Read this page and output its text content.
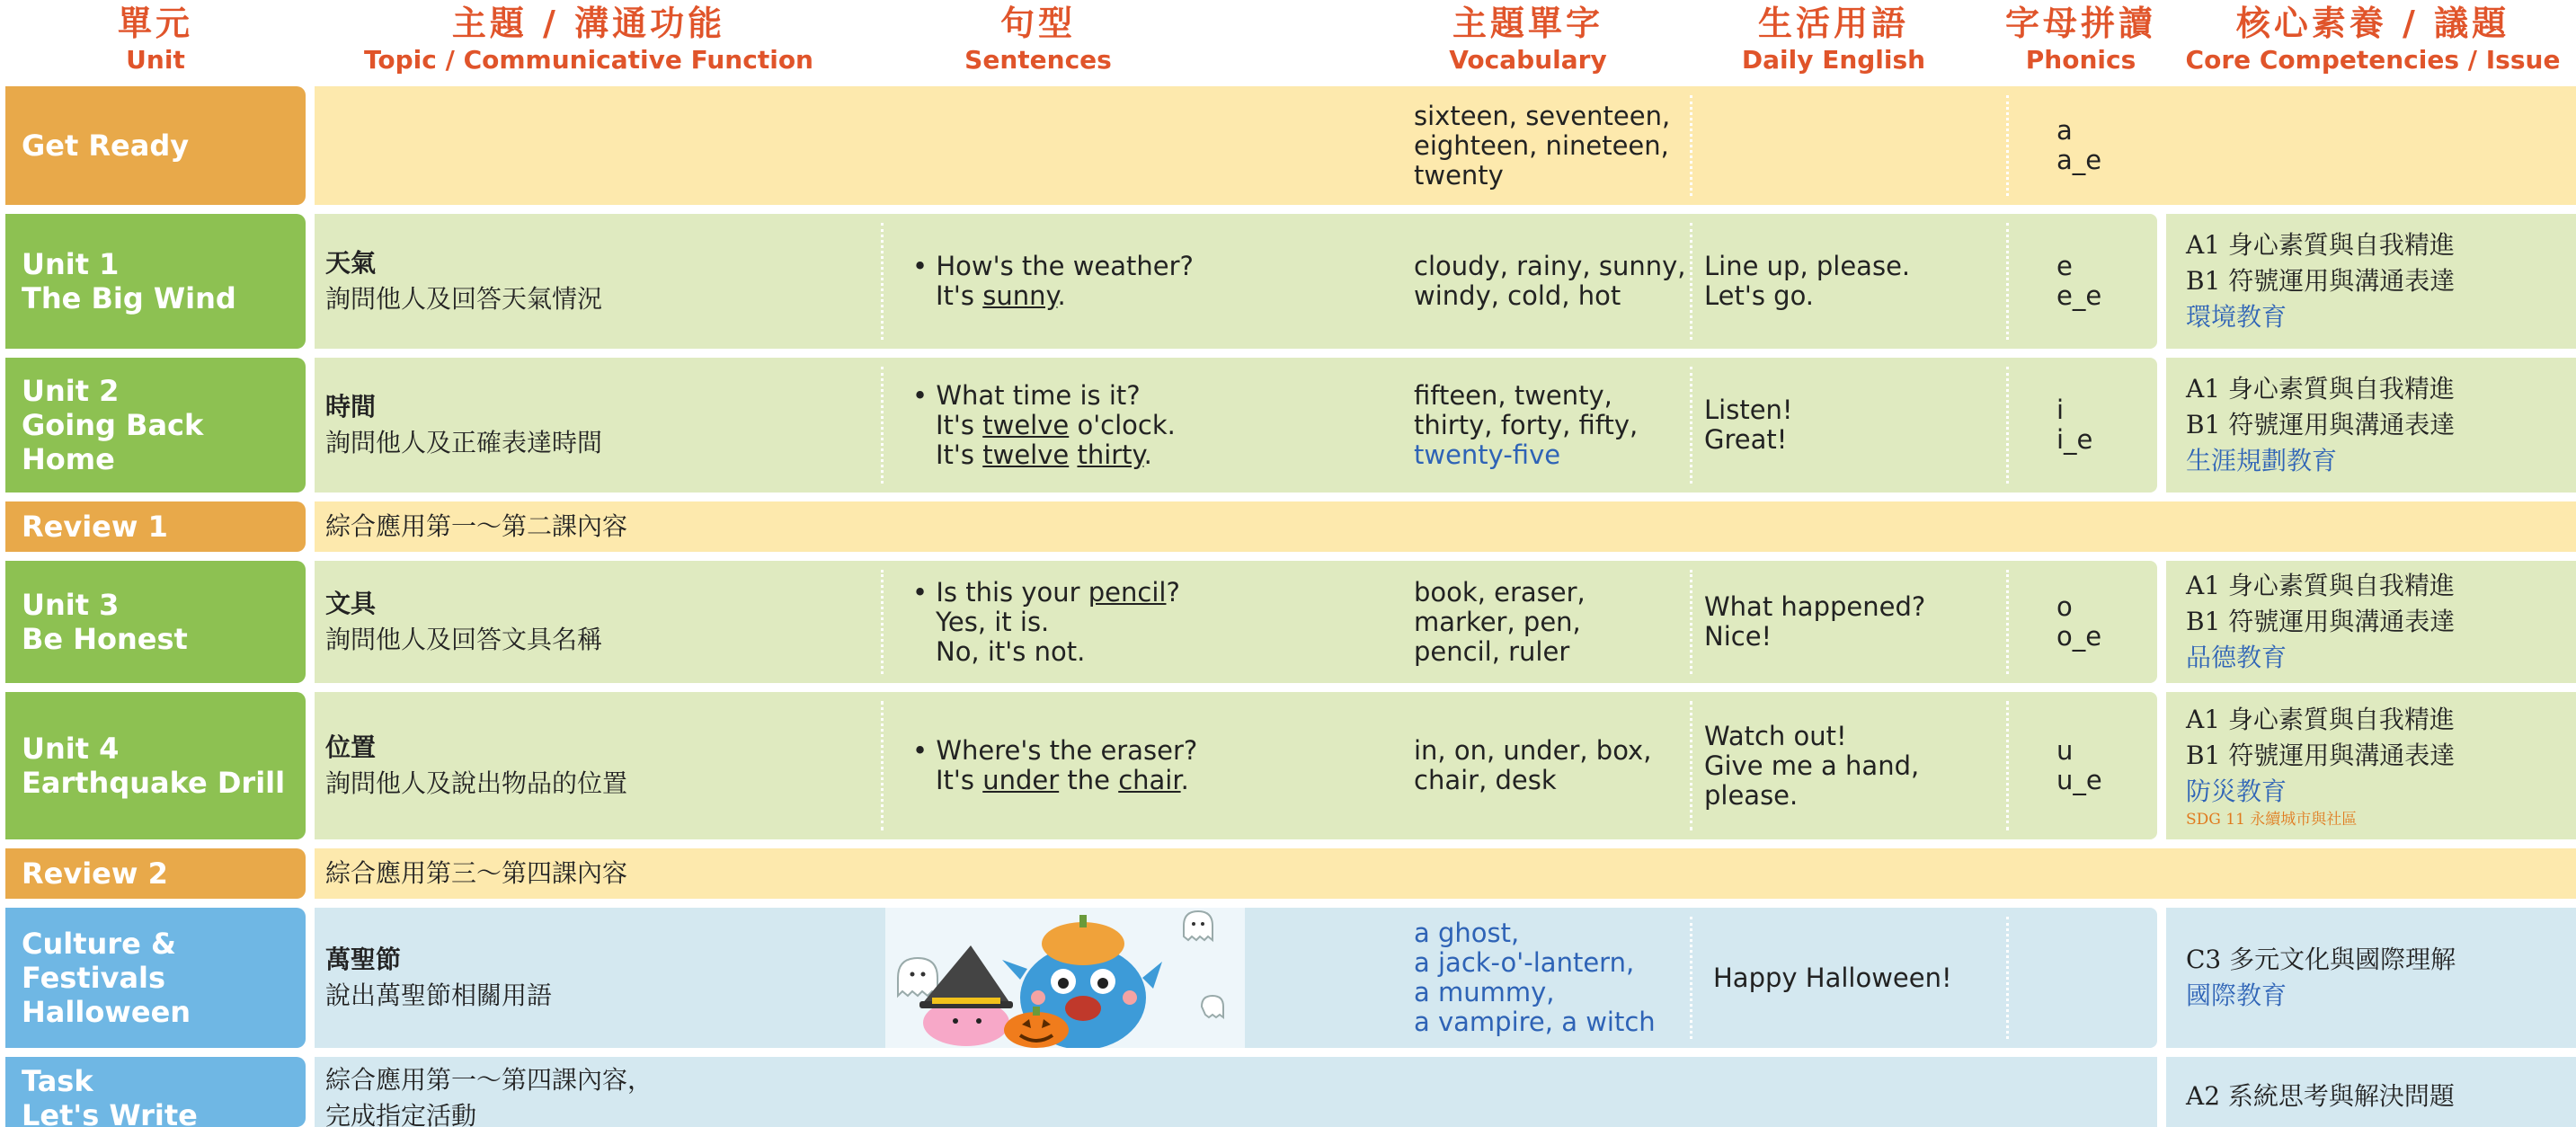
單元
Unit
主題 / 溝通功能
Topic / Communicative Function
句型
Sentences
主題單字
Vocabulary
生活用語
Daily English
字母拼讀
Phonics
核心素養 / 議題
Core Competencies / Issue
Get Ready
sixteen, seventeen,
eighteen, nineteen,
twenty
a
a_e
Unit 1
The Big Wind
天氣
詢問他人及回答天氣情況
• How's the weather?
It's sunny.
cloudy, rainy, sunny,
windy, cold, hot
Line up, please.
Let's go.
e
e_e
A1 身心素質與自我精進
B1 符號運用與溝通表達
環境教育
Unit 2
Going Back Home
時間
詢問他人及正確表達時間
• What time is it?
It's twelve o'clock.
It's twelve thirty.
fifteen, twenty,
thirty, forty, fifty,
twenty-five
Listen!
Great!
i
i_e
A1 身心素質與自我精進
B1 符號運用與溝通表達
生涯規劃教育
Review 1	綜合應用第一～第二課內容
Unit 3
Be Honest
文具
詢問他人及回答文具名稱
• Is this your pencil?
Yes, it is.
No, it's not.
book, eraser,
marker, pen,
pencil, ruler
What happened?
Nice!
o
o_e
A1 身心素質與自我精進
B1 符號運用與溝通表達
品德教育
Unit 4
Earthquake Drill
位置
詢問他人及說出物品的位置
• Where's the eraser?
It's under the chair.
in, on, under, box,
chair, desk
Watch out!
Give me a hand, please.
u
u_e
A1 身心素質與自我精進
B1 符號運用與溝通表達
防災教育
SDG 11 永續城市與社區
Review 2	綜合應用第三～第四課內容
Culture & Festivals
Halloween
萬聖節
說出萬聖節相關用語
a ghost,
a jack-o'-lantern,
a mummy,
a vampire, a witch
Happy Halloween!
C3 多元文化與國際理解
國際教育
Task
Let's Write
綜合應用第一～第四課內容，
完成指定活動
A2 系統思考與解決問題
